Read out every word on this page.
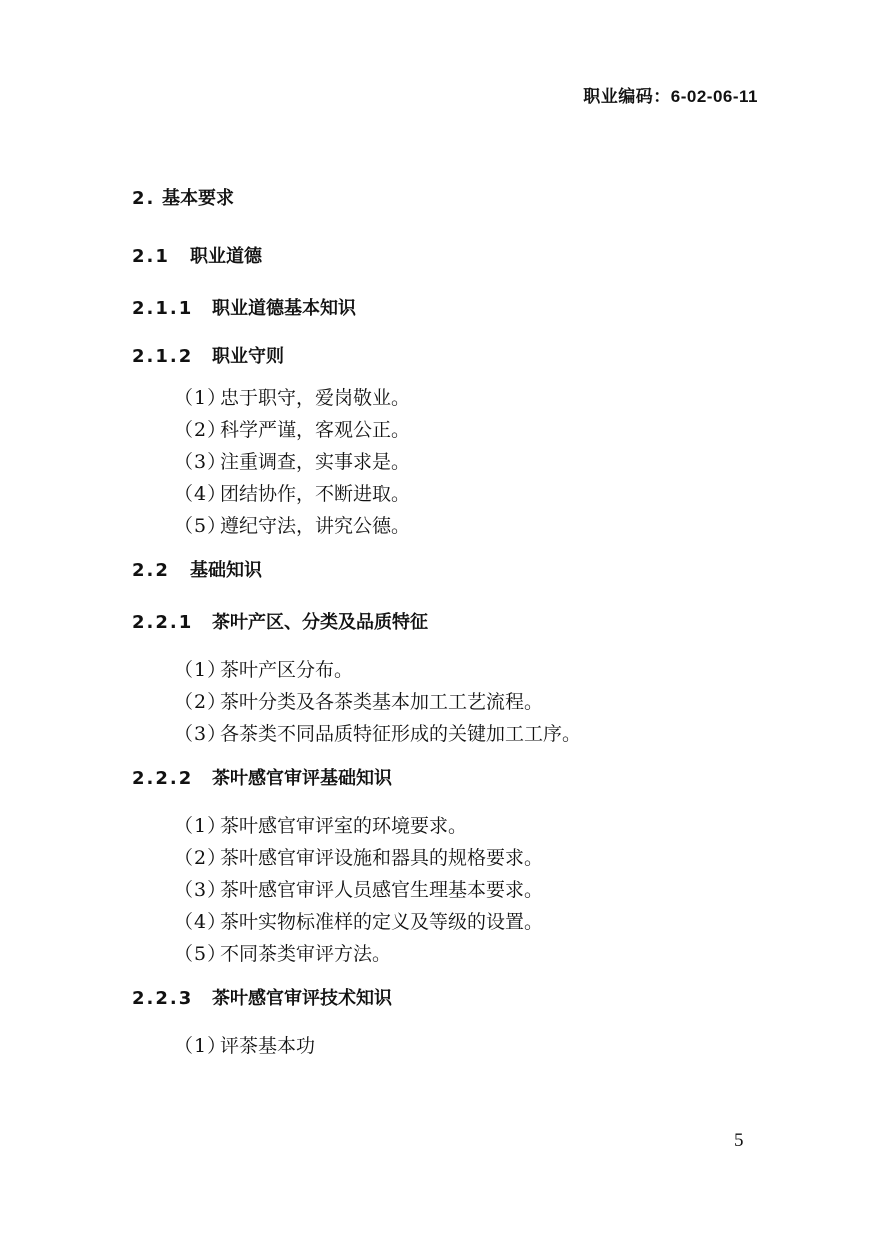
职业编码：6-02-06-11
2. 基本要求
2.1 职业道德
2.1.1 职业道德基本知识
2.1.2 职业守则
（1）忠于职守，爱岗敬业。
（2）科学严谨，客观公正。
（3）注重调查，实事求是。
（4）团结协作，不断进取。
（5）遵纪守法，讲究公德。
2.2 基础知识
2.2.1 茶叶产区、分类及品质特征
（1）茶叶产区分布。
（2）茶叶分类及各茶类基本加工工艺流程。
（3）各茶类不同品质特征形成的关键加工工序。
2.2.2 茶叶感官审评基础知识
（1）茶叶感官审评室的环境要求。
（2）茶叶感官审评设施和器具的规格要求。
（3）茶叶感官审评人员感官生理基本要求。
（4）茶叶实物标准样的定义及等级的设置。
（5）不同茶类审评方法。
2.2.3 茶叶感官审评技术知识
（1）评茶基本功
5
